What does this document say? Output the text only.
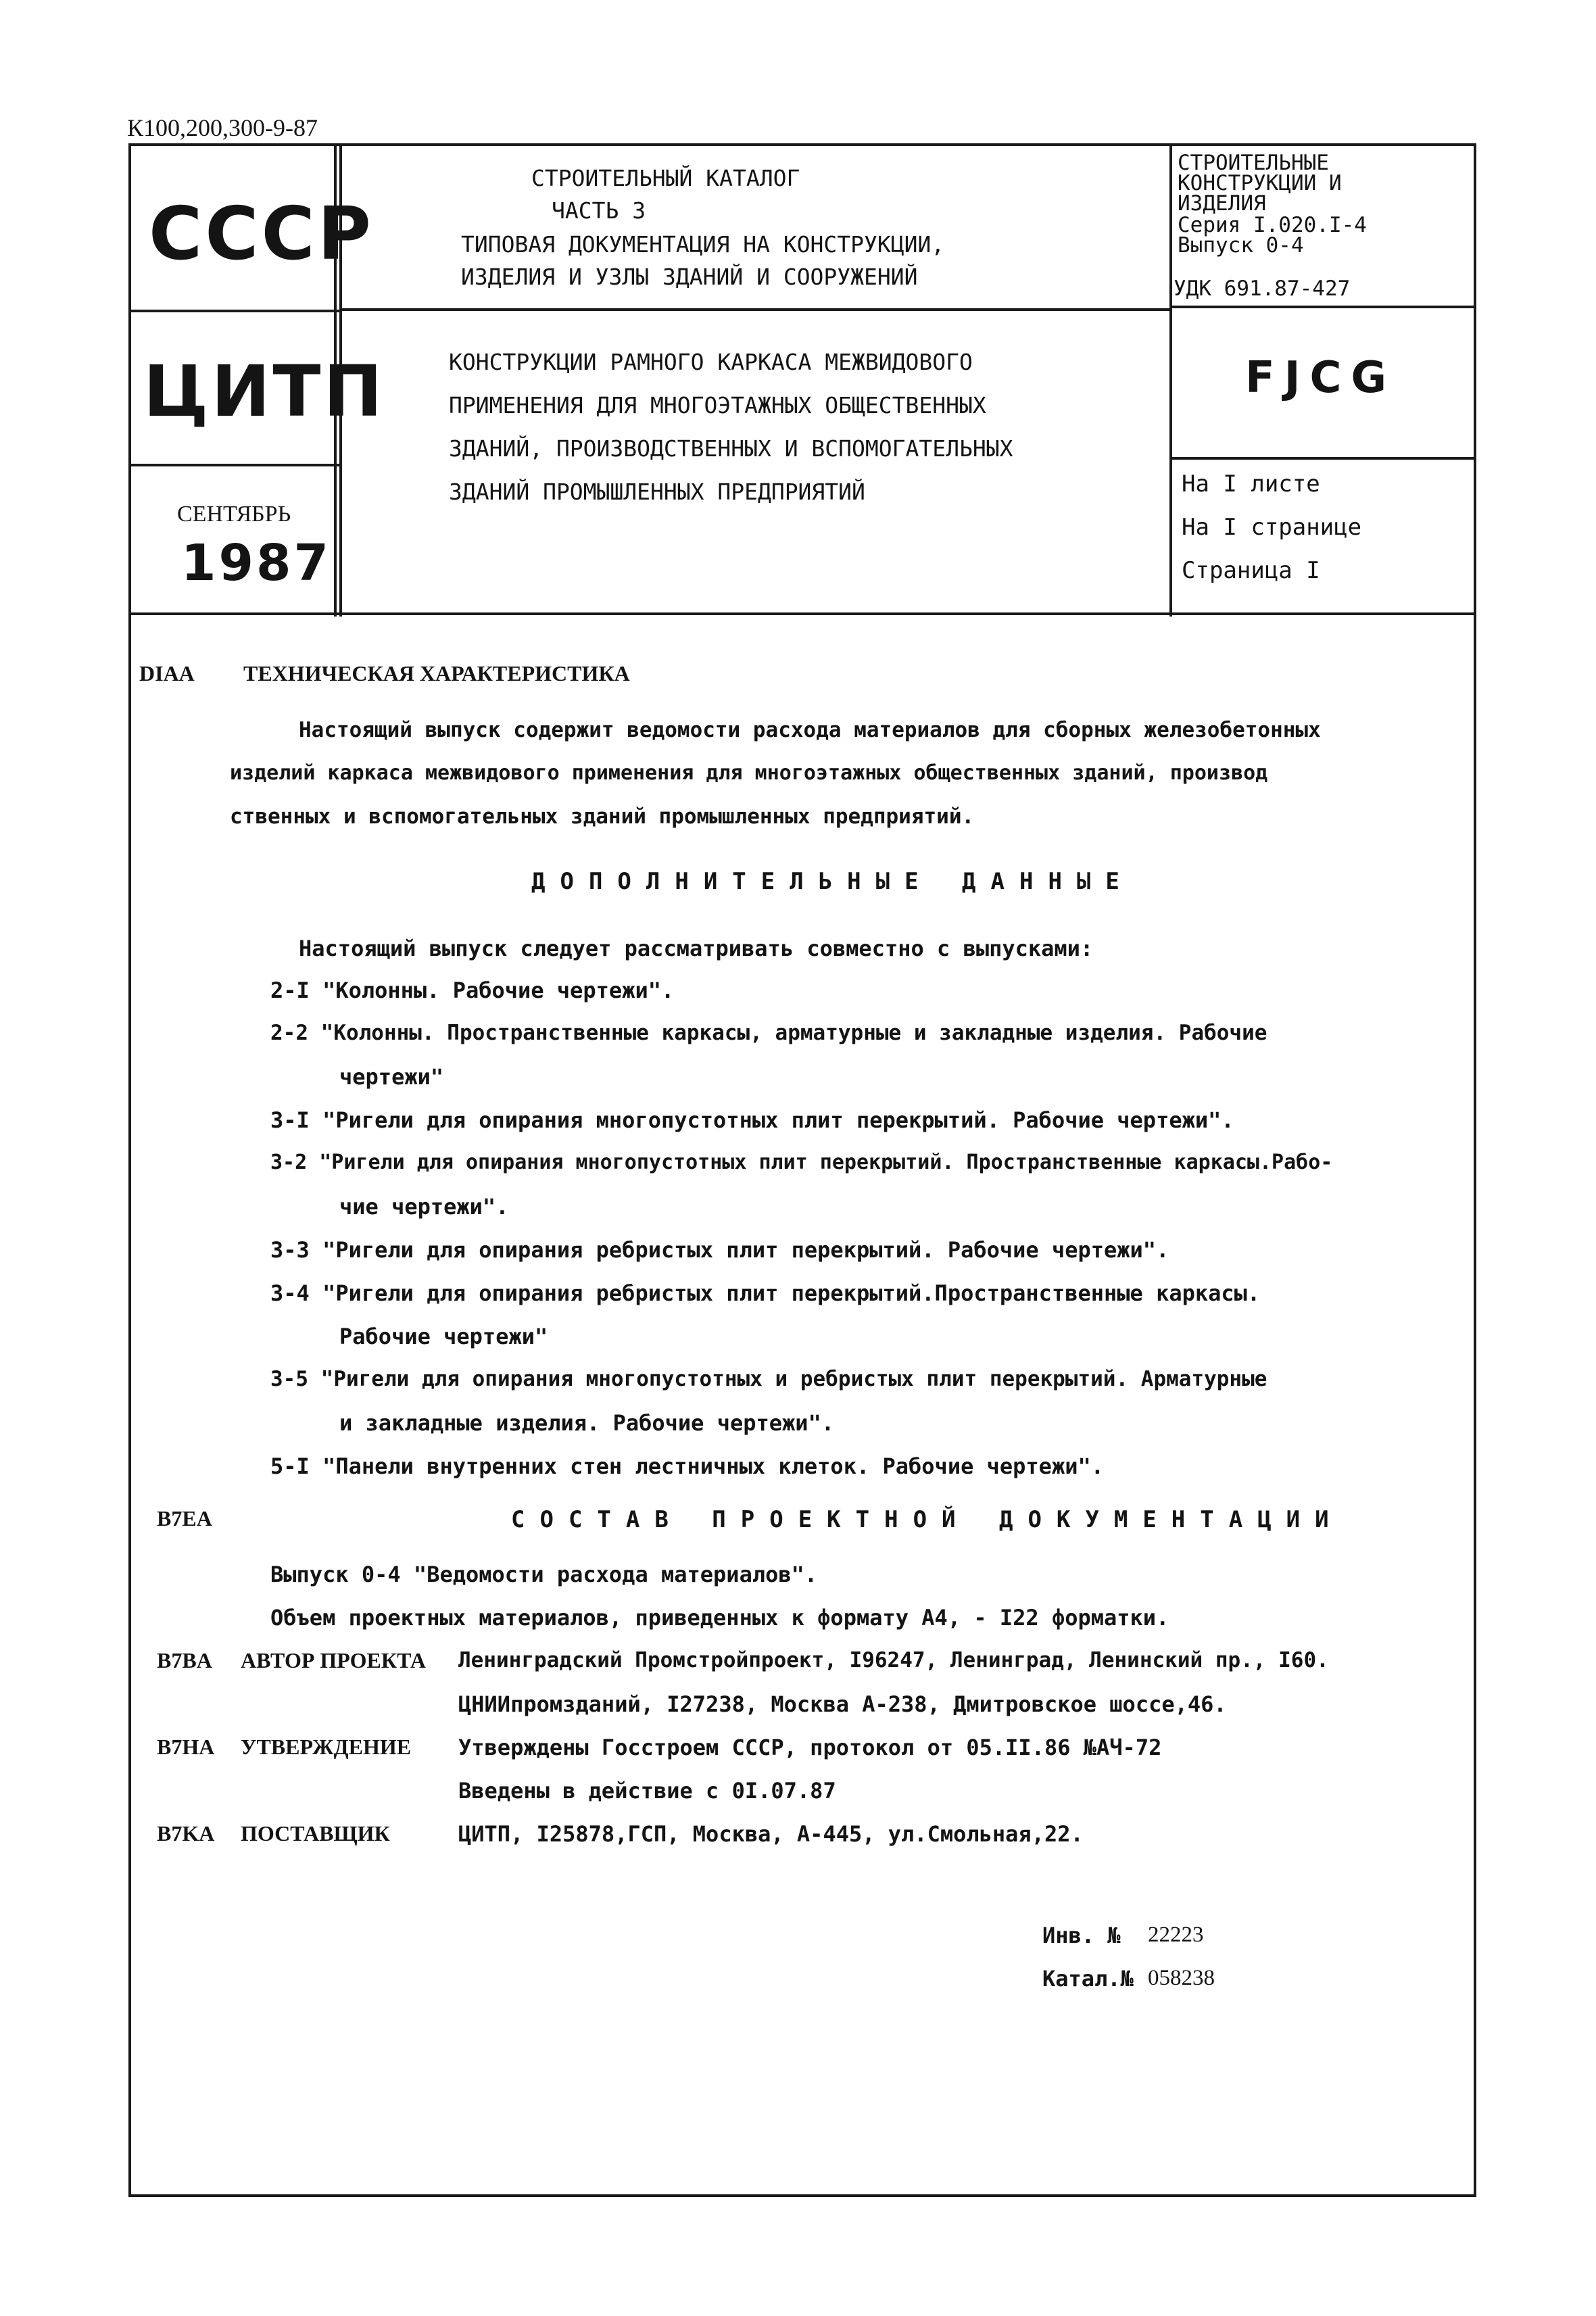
К100,200,300-9-87
СССР
ЦИТП
СЕНТЯБРЬ
1987
СТРОИТЕЛЬНЫЙ КАТАЛОГ
ЧАСТЬ 3
ТИПОВАЯ ДОКУМЕНТАЦИЯ НА КОНСТРУКЦИИ,
ИЗДЕЛИЯ И УЗЛЫ ЗДАНИЙ И СООРУЖЕНИЙ
КОНСТРУКЦИИ РАМНОГО КАРКАСА МЕЖВИДОВОГО
ПРИМЕНЕНИЯ ДЛЯ МНОГОЭТАЖНЫХ ОБЩЕСТВЕННЫХ
ЗДАНИЙ, ПРОИЗВОДСТВЕННЫХ И ВСПОМОГАТЕЛЬНЫХ
ЗДАНИЙ ПРОМЫШЛЕННЫХ ПРЕДПРИЯТИЙ
СТРОИТЕЛЬНЫЕ
КОНСТРУКЦИИ И
ИЗДЕЛИЯ
Серия I.020.I-4
Выпуск 0-4
УДК 691.87-427
FJCG
На I листе
На I странице
Страница I
DIAA ТЕХНИЧЕСКАЯ ХАРАКТЕРИСТИКА
Настоящий выпуск содержит ведомости расхода материалов для сборных железобетонных
изделий каркаса межвидового применения для многоэтажных общественных зданий, производ
ственных и вспомогательных зданий промышленных предприятий.
ДОПОЛНИТЕЛЬНЫЕ ДАННЫЕ
Настоящий выпуск следует рассматривать совместно с выпусками:
2-I "Колонны. Рабочие чертежи".
2-2 "Колонны. Пространственные каркасы, арматурные и закладные изделия. Рабочие
чертежи"
3-I "Ригели для опирания многопустотных плит перекрытий. Рабочие чертежи".
3-2 "Ригели для опирания многопустотных плит перекрытий. Пространственные каркасы.Рабо-
чие чертежи".
3-3 "Ригели для опирания ребристых плит перекрытий. Рабочие чертежи".
3-4 "Ригели для опирания ребристых плит перекрытий.Пространственные каркасы.
Рабочие чертежи"
3-5 "Ригели для опирания многопустотных и ребристых плит перекрытий. Арматурные
и закладные изделия. Рабочие чертежи".
5-I "Панели внутренних стен лестничных клеток. Рабочие чертежи".
B7EA	СОСТАВ ПРОЕКТНОЙ ДОКУМЕНТАЦИИ
Выпуск 0-4 "Ведомости расхода материалов".
Объем проектных материалов, приведенных к формату А4, - I22 форматки.
B7BA АВТОР ПРОЕКТА Ленинградский Промстройпроект, I96247, Ленинград, Ленинский пр., I60.
ЦНИИпромзданий, I27238, Москва А-238, Дмитровское шоссе,46.
B7HA УТВЕРЖДЕНИЕ Утверждены Госстроем СССР, протокол от 05.II.86 №АЧ-72
Введены в действие с 0I.07.87
B7KA ПОСТАВЩИК	ЦИТП, I25878,ГСП, Москва, А-445, ул.Смольная,22.
Инв. № 22223
Катал.№ 058238
